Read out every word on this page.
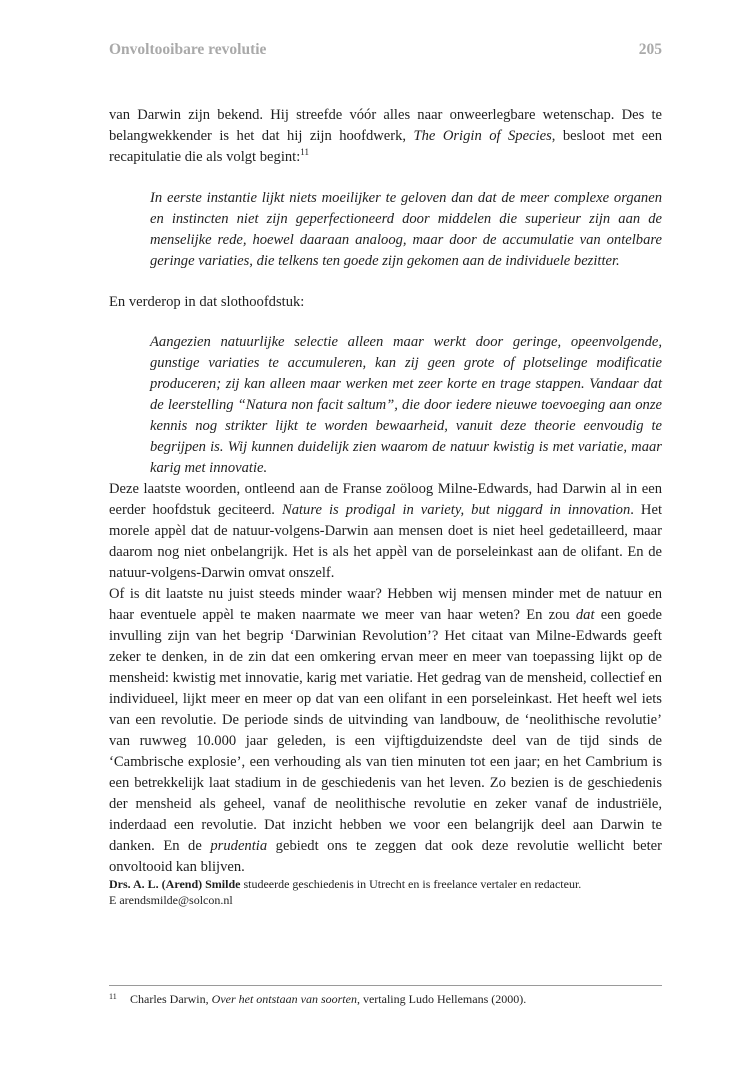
Onvoltooibare revolutie	205

van Darwin zijn bekend. Hij streefde vóór alles naar onweerlegbare wetenschap. Des te belangwekkender is het dat hij zijn hoofdwerk, The Origin of Species, besloot met een recapitulatie die als volgt begint:$^{11}$

In eerste instantie lijkt niets moeilijker te geloven dan dat de meer complexe organen en instincten niet zijn geperfectioneerd door middelen die superieur zijn aan de menselijke rede, hoewel daaraan analoog, maar door de accumulatie van ontelbare geringe variaties, die telkens ten goede zijn gekomen aan de individuele bezitter.

En verderop in dat slothoofdstuk:

Aangezien natuurlijke selectie alleen maar werkt door geringe, opeenvolgende, gunstige variaties te accumuleren, kan zij geen grote of plotselinge modificatie produceren; zij kan alleen maar werken met zeer korte en trage stappen. Vandaar dat de leerstelling “Natura non facit saltum”, die door iedere nieuwe toevoeging aan onze kennis nog strikter lijkt te worden bewaarheid, vanuit deze theorie eenvoudig te begrijpen is. Wij kunnen duidelijk zien waarom de natuur kwistig is met variatie, maar karig met innovatie.

Deze laatste woorden, ontleend aan de Franse zoöloog Milne-Edwards, had Darwin al in een eerder hoofdstuk geciteerd. Nature is prodigal in variety, but niggard in innovation. Het morele appèl dat de natuur-volgens-Darwin aan mensen doet is niet heel gedetailleerd, maar daarom nog niet onbelangrijk. Het is als het appèl van de porseleinkast aan de olifant. En de natuur-volgens-Darwin omvat onszelf.

Of is dit laatste nu juist steeds minder waar? Hebben wij mensen minder met de natuur en haar eventuele appèl te maken naarmate we meer van haar weten? En zou dat een goede invulling zijn van het begrip ‘Darwinian Revolution’? Het citaat van Milne-Edwards geeft zeker te denken, in de zin dat een omkering ervan meer en meer van toepassing lijkt op de mensheid: kwistig met innovatie, karig met variatie. Het gedrag van de mensheid, collectief en individueel, lijkt meer en meer op dat van een olifant in een porseleinkast. Het heeft wel iets van een revolutie. De periode sinds de uitvinding van landbouw, de ‘neolithische revolutie’ van ruwweg 10.000 jaar geleden, is een vijftigduizendste deel van de tijd sinds de ‘Cambrische explosie’, een verhouding als van tien minuten tot een jaar; en het Cambrium is een betrekkelijk laat stadium in de geschiedenis van het leven. Zo bezien is de geschiedenis der mensheid als geheel, vanaf de neolithische revolutie en zeker vanaf de industriële, inderdaad een revolutie. Dat inzicht hebben we voor een belangrijk deel aan Darwin te danken. En de prudentia gebiedt ons te zeggen dat ook deze revolutie wellicht beter onvoltooid kan blijven.

Drs. A. L. (Arend) Smilde studeerde geschiedenis in Utrecht en is freelance vertaler en redacteur.
E arendsmilde@solcon.nl
11 Charles Darwin, Over het ontstaan van soorten, vertaling Ludo Hellemans (2000).
